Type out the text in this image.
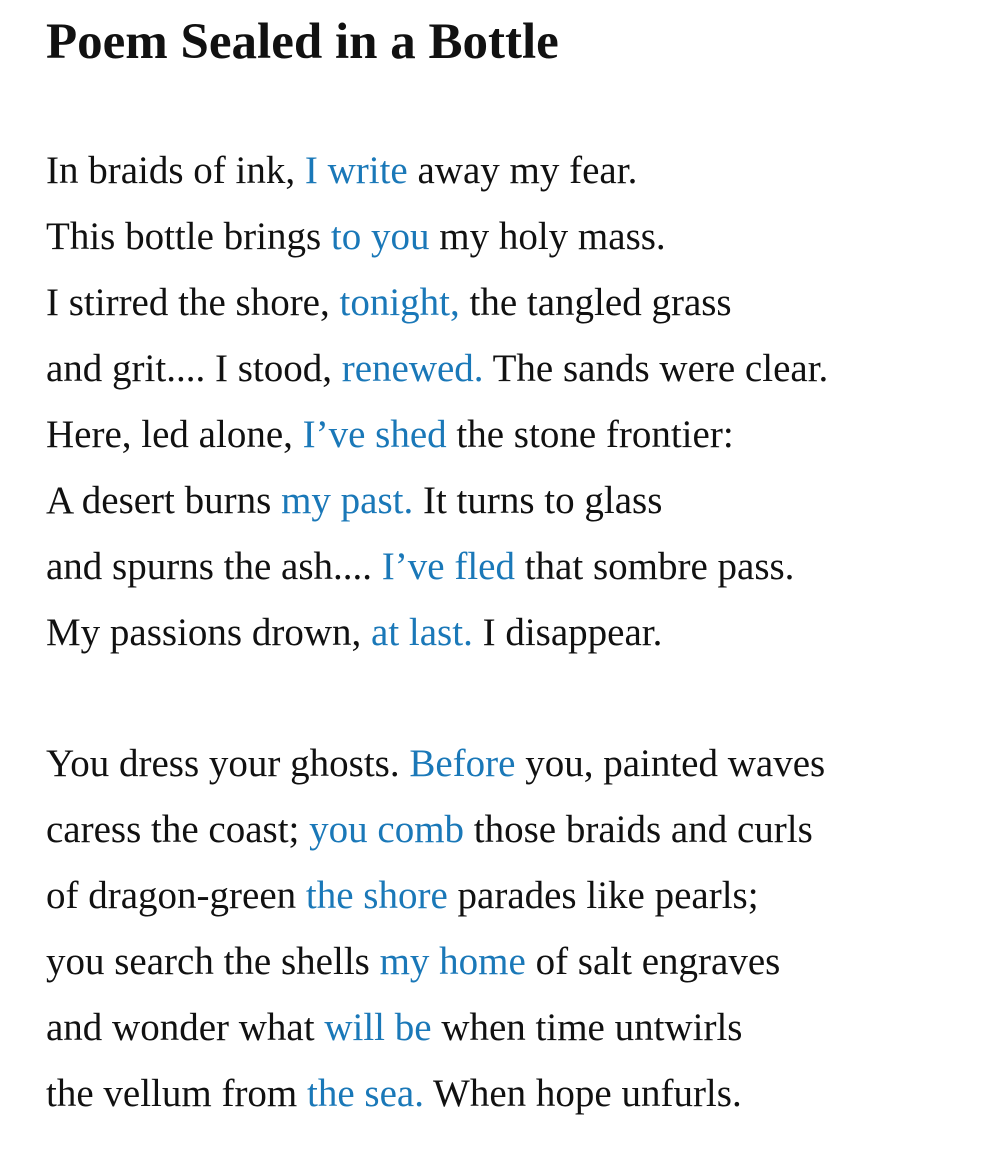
Poem Sealed in a Bottle
In braids of ink, I write away my fear.
This bottle brings to you my holy mass.
I stirred the shore, tonight, the tangled grass
and grit.... I stood, renewed. The sands were clear.
Here, led alone, I’ve shed the stone frontier:
A desert burns my past. It turns to glass
and spurns the ash.... I’ve fled that sombre pass.
My passions drown, at last. I disappear.
You dress your ghosts. Before you, painted waves
caress the coast; you comb those braids and curls
of dragon-green the shore parades like pearls;
you search the shells my home of salt engraves
and wonder what will be when time untwirls
the vellum from the sea. When hope unfurls.
